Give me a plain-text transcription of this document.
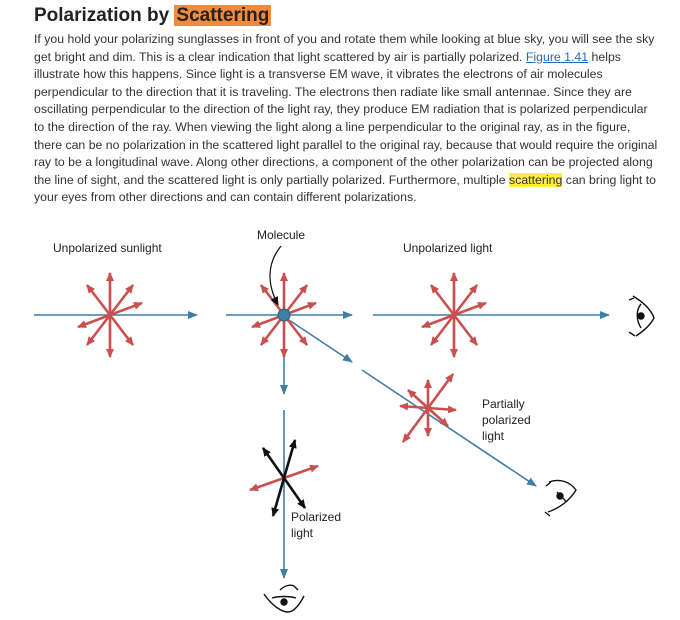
Polarization by Scattering

If you hold your polarizing sunglasses in front of you and rotate them while looking at blue sky, you will see the sky get bright and dim. This is a clear indication that light scattered by air is partially polarized. Figure 1.41 helps illustrate how this happens. Since light is a transverse EM wave, it vibrates the electrons of air molecules perpendicular to the direction that it is traveling. The electrons then radiate like small antennae. Since they are oscillating perpendicular to the direction of the light ray, they produce EM radiation that is polarized perpendicular to the direction of the ray. When viewing the light along a line perpendicular to the original ray, as in the figure, there can be no polarization in the scattered light parallel to the original ray, because that would require the original ray to be a longitudinal wave. Along other directions, a component of the other polarization can be projected along the line of sight, and the scattered light is only partially polarized. Furthermore, multiple scattering can bring light to your eyes from other directions and can contain different polarizations.

Unpolarized sunlight

Molecule

Unpolarized light

Partially
polarized
light
Polarized
light
